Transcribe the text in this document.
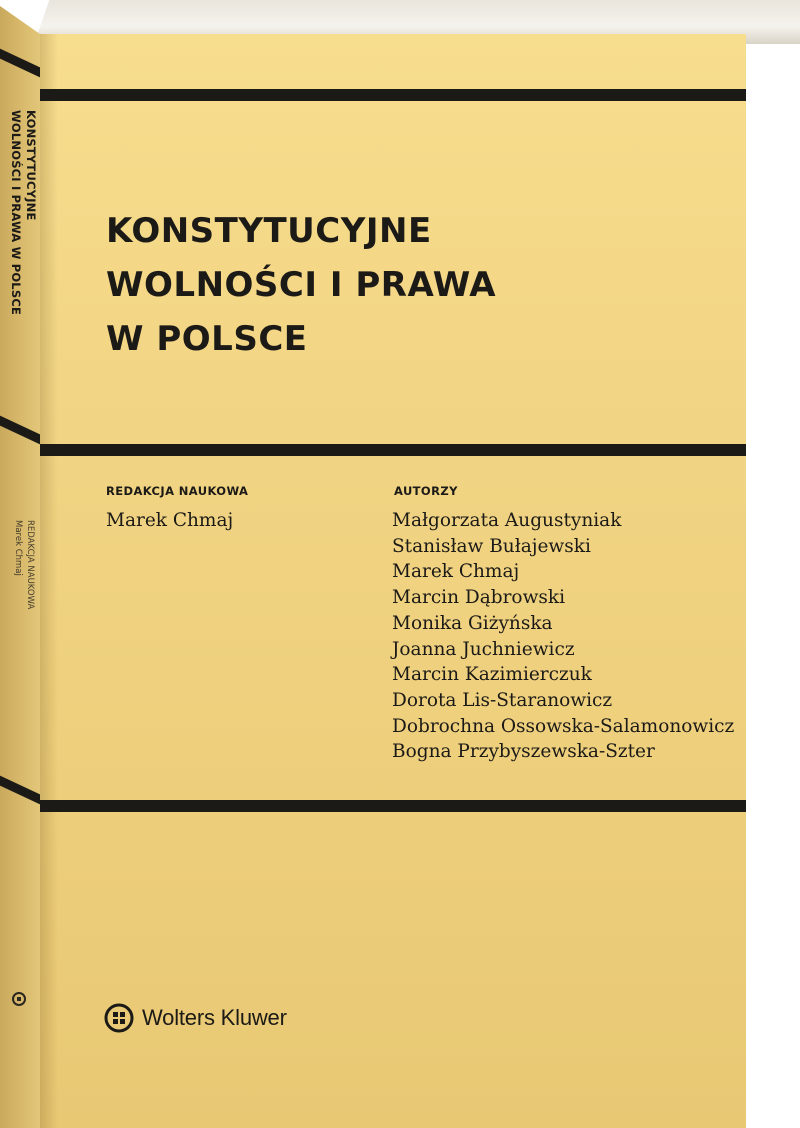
KONSTYTUCYJNE
WOLNOŚCI I PRAWA W POLSCE
REDAKCJA NAUKOWA
Marek Chmaj
KONSTYTUCYJNE
WOLNOŚCI I PRAWA
W POLSCE
REDAKCJA NAUKOWA
Marek Chmaj
AUTORZY
Małgorzata Augustyniak
Stanisław Bułajewski
Marek Chmaj
Marcin Dąbrowski
Monika Giżyńska
Joanna Juchniewicz
Marcin Kazimierczuk
Dorota Lis-Staranowicz
Dobrochna Ossowska-Salamonowicz
Bogna Przybyszewska-Szter
Wolters Kluwer
